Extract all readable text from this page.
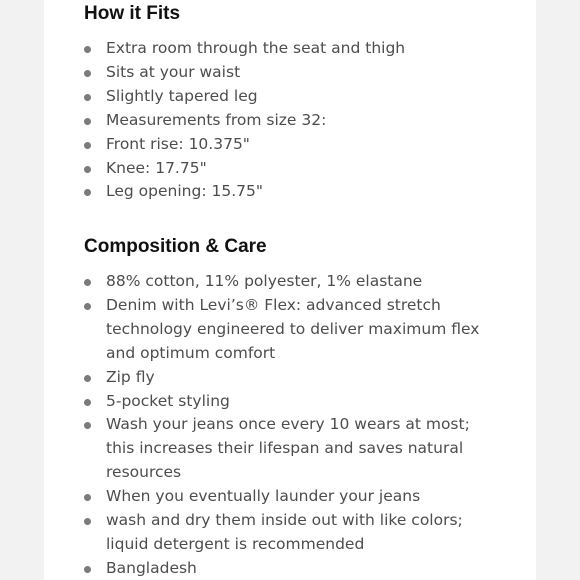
How it Fits
Extra room through the seat and thigh
Sits at your waist
Slightly tapered leg
Measurements from size 32:
Front rise: 10.375"
Knee: 17.75"
Leg opening: 15.75"
Composition & Care
88% cotton, 11% polyester, 1% elastane
Denim with Levi’s® Flex: advanced stretch
technology engineered to deliver maximum flex
and optimum comfort
Zip fly
5-pocket styling
Wash your jeans once every 10 wears at most;
this increases their lifespan and saves natural
resources
When you eventually launder your jeans
wash and dry them inside out with like colors;
liquid detergent is recommended
Bangladesh
